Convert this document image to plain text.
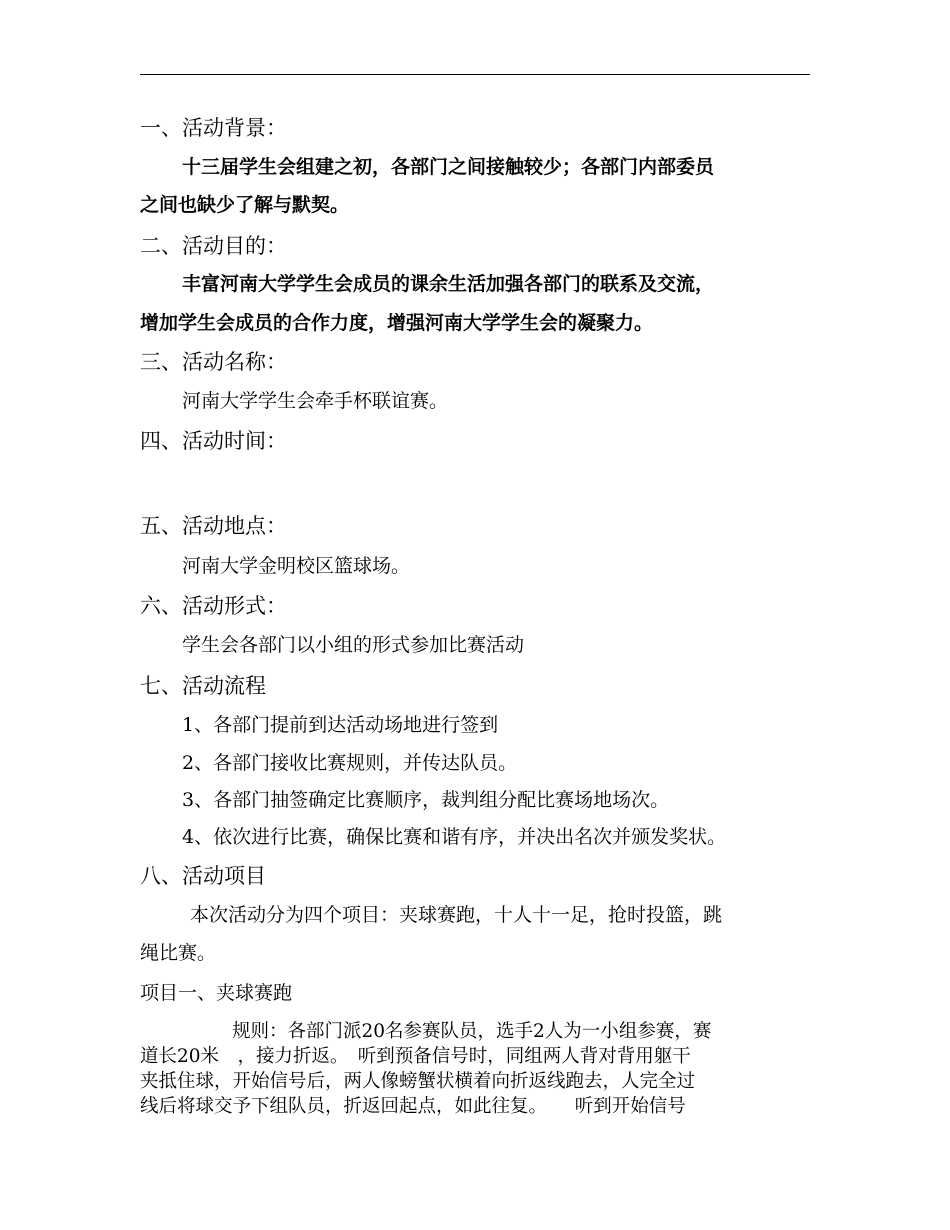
一、活动背景：
十三届学生会组建之初，各部门之间接触较少；各部门内部委员
之间也缺少了解与默契。
二、活动目的：
丰富河南大学学生会成员的课余生活加强各部门的联系及交流，
增加学生会成员的合作力度，增强河南大学学生会的凝聚力。
三、活动名称：
河南大学学生会牵手杯联谊赛。
四、活动时间：
五、活动地点：
河南大学金明校区篮球场。
六、活动形式：
学生会各部门以小组的形式参加比赛活动
七、活动流程
1、各部门提前到达活动场地进行签到
2、各部门接收比赛规则，并传达队员。
3、各部门抽签确定比赛顺序，裁判组分配比赛场地场次。
4、依次进行比赛，确保比赛和谐有序，并决出名次并颁发奖状。
八、活动项目
本次活动分为四个项目：夹球赛跑，十人十一足，抢时投篮，跳
绳比赛。
项目一、夹球赛跑
规则：各部门派20名参赛队员，选手2人为一小组参赛，赛
道长20米　，接力折返。　听到预备信号时，同组两人背对背用躯干
夹抵住球，开始信号后，两人像螃蟹状横着向折返线跑去，人完全过
线后将球交予下组队员，折返回起点，如此往复。　　听到开始信号
